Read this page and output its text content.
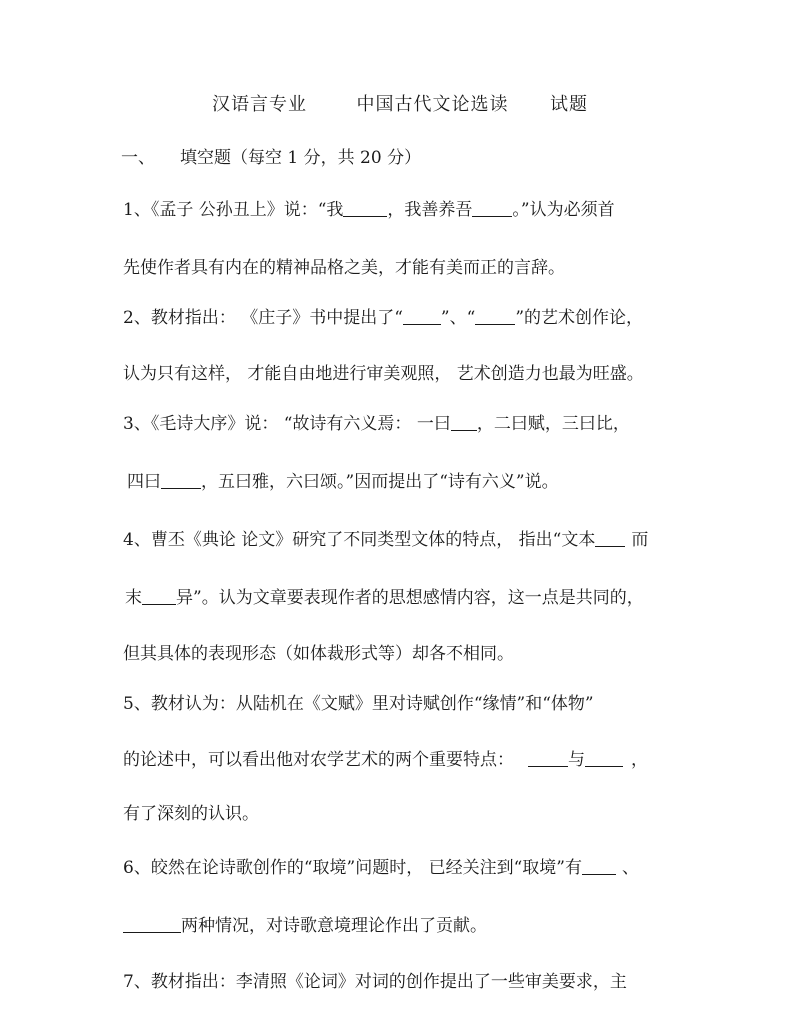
汉语言专业	中国古代文论选读 试题
一、 填空题（每空 1 分，共 20 分）
1、《孟子 公孙丑上》说：“我	，我善养吾 。”认为必须首
先使作者具有内在的精神品格之美，才能有美而正的言辞。
2、教材指出： 《庄子》书中提出了“ ”、“ ”的艺术创作论，
认为只有这样， 才能自由地进行审美观照， 艺术创造力也最为旺盛。
3、《毛诗大序》说： “故诗有六义焉： 一曰 ，二曰赋，三曰比，
四曰 ，五曰雅，六曰颂。”因而提出了“诗有六义”说。
4、曹丕《典论 论文》研究了不同类型文体的特点， 指出“文本 而
末 异”。认为文章要表现作者的思想感情内容，这一点是共同的，
但其具体的表现形态（如体裁形式等）却各不相同。
5、教材认为：从陆机在《文赋》里对诗赋创作“缘情”和“体物”
的论述中，可以看出他对农学艺术的两个重要特点：	与	，
有了深刻的认识。
6、皎然在论诗歌创作的“取境”问题时， 已经关注到“取境”有 、
两种情况，对诗歌意境理论作出了贡献。
7、教材指出：李清照《论词》对词的创作提出了一些审美要求，主
